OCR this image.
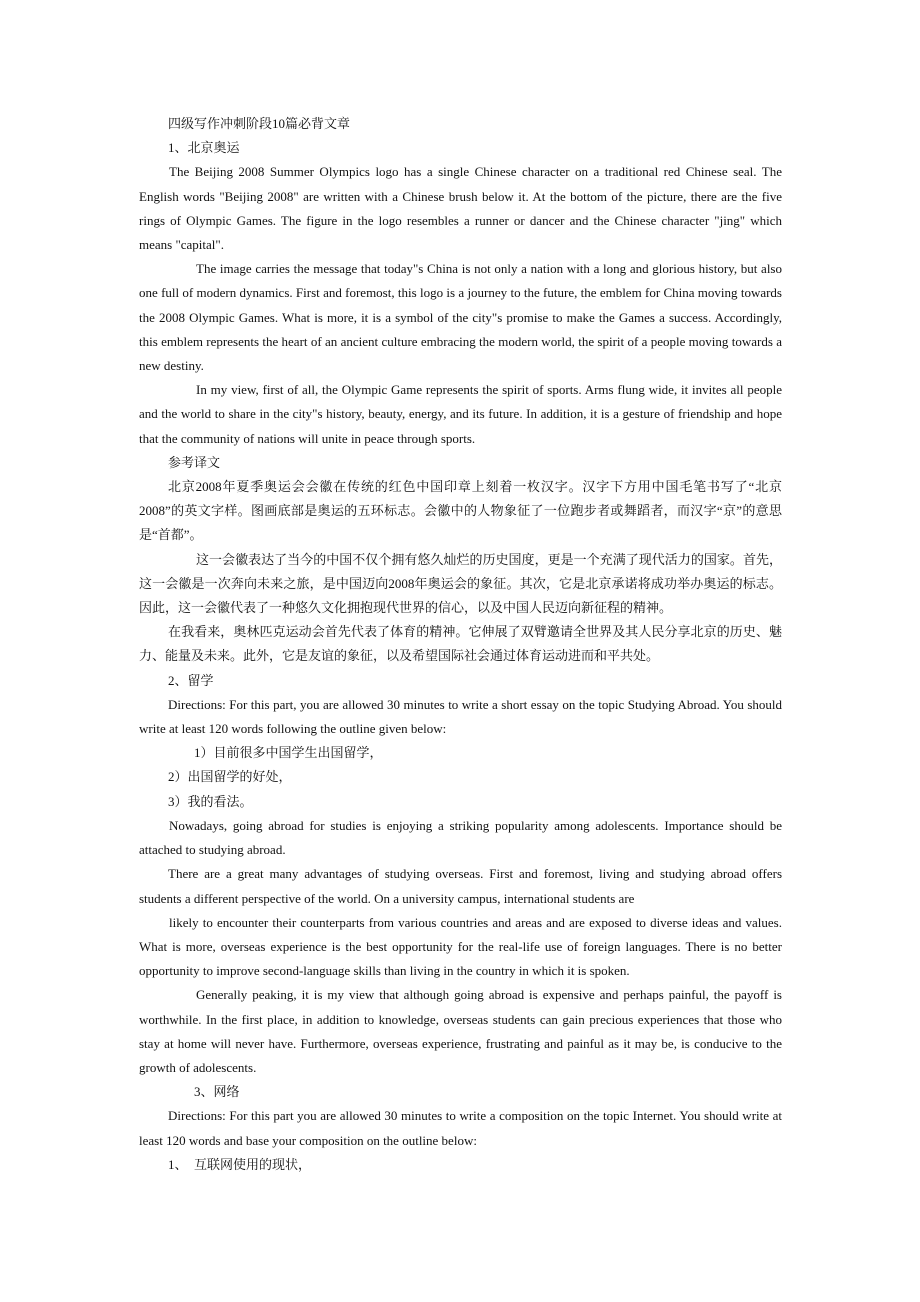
四级写作冲刺阶段10篇必背文章

1、北京奥运

The Beijing 2008 Summer Olympics logo has a single Chinese character on a traditional red Chinese seal. The English words "Beijing 2008" are written with a Chinese brush below it. At the bottom of the picture, there are the five rings of Olympic Games. The figure in the logo resembles a runner or dancer and the Chinese character "jing" which means "capital".

The image carries the message that today"s China is not only a nation with a long and glorious history, but also one full of modern dynamics. First and foremost, this logo is a journey to the future, the emblem for China moving towards the 2008 Olympic Games. What is more, it is a symbol of the city"s promise to make the Games a success. Accordingly, this emblem represents the heart of an ancient culture embracing the modern world, the spirit of a people moving towards a new destiny.

In my view, first of all, the Olympic Game represents the spirit of sports. Arms flung wide, it invites all people and the world to share in the city"s history, beauty, energy, and its future. In addition, it is a gesture of friendship and hope that the community of nations will unite in peace through sports.

参考译文

北京2008年夏季奥运会会徽在传统的红色中国印章上刻着一枚汉字。汉字下方用中国毛笔书写了“北京2008”的英文字样。图画底部是奥运的五环标志。会徽中的人物象征了一位跑步者或舞蹈者，而汉字“京”的意思是“首都”。

这一会徽表达了当今的中国不仅个拥有悠久灿烂的历史国度，更是一个充满了现代活力的国家。首先，这一会徽是一次奔向未来之旅，是中国迈向2008年奥运会的象征。其次，它是北京承诺将成功举办奥运的标志。因此，这一会徽代表了一种悠久文化拥抱现代世界的信心，以及中国人民迈向新征程的精神。

在我看来，奥林匹克运动会首先代表了体育的精神。它伸展了双臂邀请全世界及其人民分享北京的历史、魅力、能量及未来。此外，它是友谊的象征，以及希望国际社会通过体育运动进而和平共处。

2、留学

Directions: For this part, you are allowed 30 minutes to write a short essay on the topic Studying Abroad. You should write at least 120 words following the outline given below:

1）目前很多中国学生出国留学，

2）出国留学的好处，

3）我的看法。

Nowadays, going abroad for studies is enjoying a striking popularity among adolescents. Importance should be attached to studying abroad.

There are a great many advantages of studying overseas. First and foremost, living and studying abroad offers students a different perspective of the world. On a university campus, international students are

likely to encounter their counterparts from various countries and areas and are exposed to diverse ideas and values. What is more, overseas experience is the best opportunity for the real-life use of foreign languages. There is no better opportunity to improve second-language skills than living in the country in which it is spoken.

Generally peaking, it is my view that although going abroad is expensive and perhaps painful, the payoff is worthwhile. In the first place, in addition to knowledge, overseas students can gain precious experiences that those who stay at home will never have. Furthermore, overseas experience, frustrating and painful as it may be, is conducive to the growth of adolescents.

3、网络

Directions: For this part you are allowed 30 minutes to write a composition on the topic Internet. You should write at least 120 words and base your composition on the outline below:

1、　互联网使用的现状，
